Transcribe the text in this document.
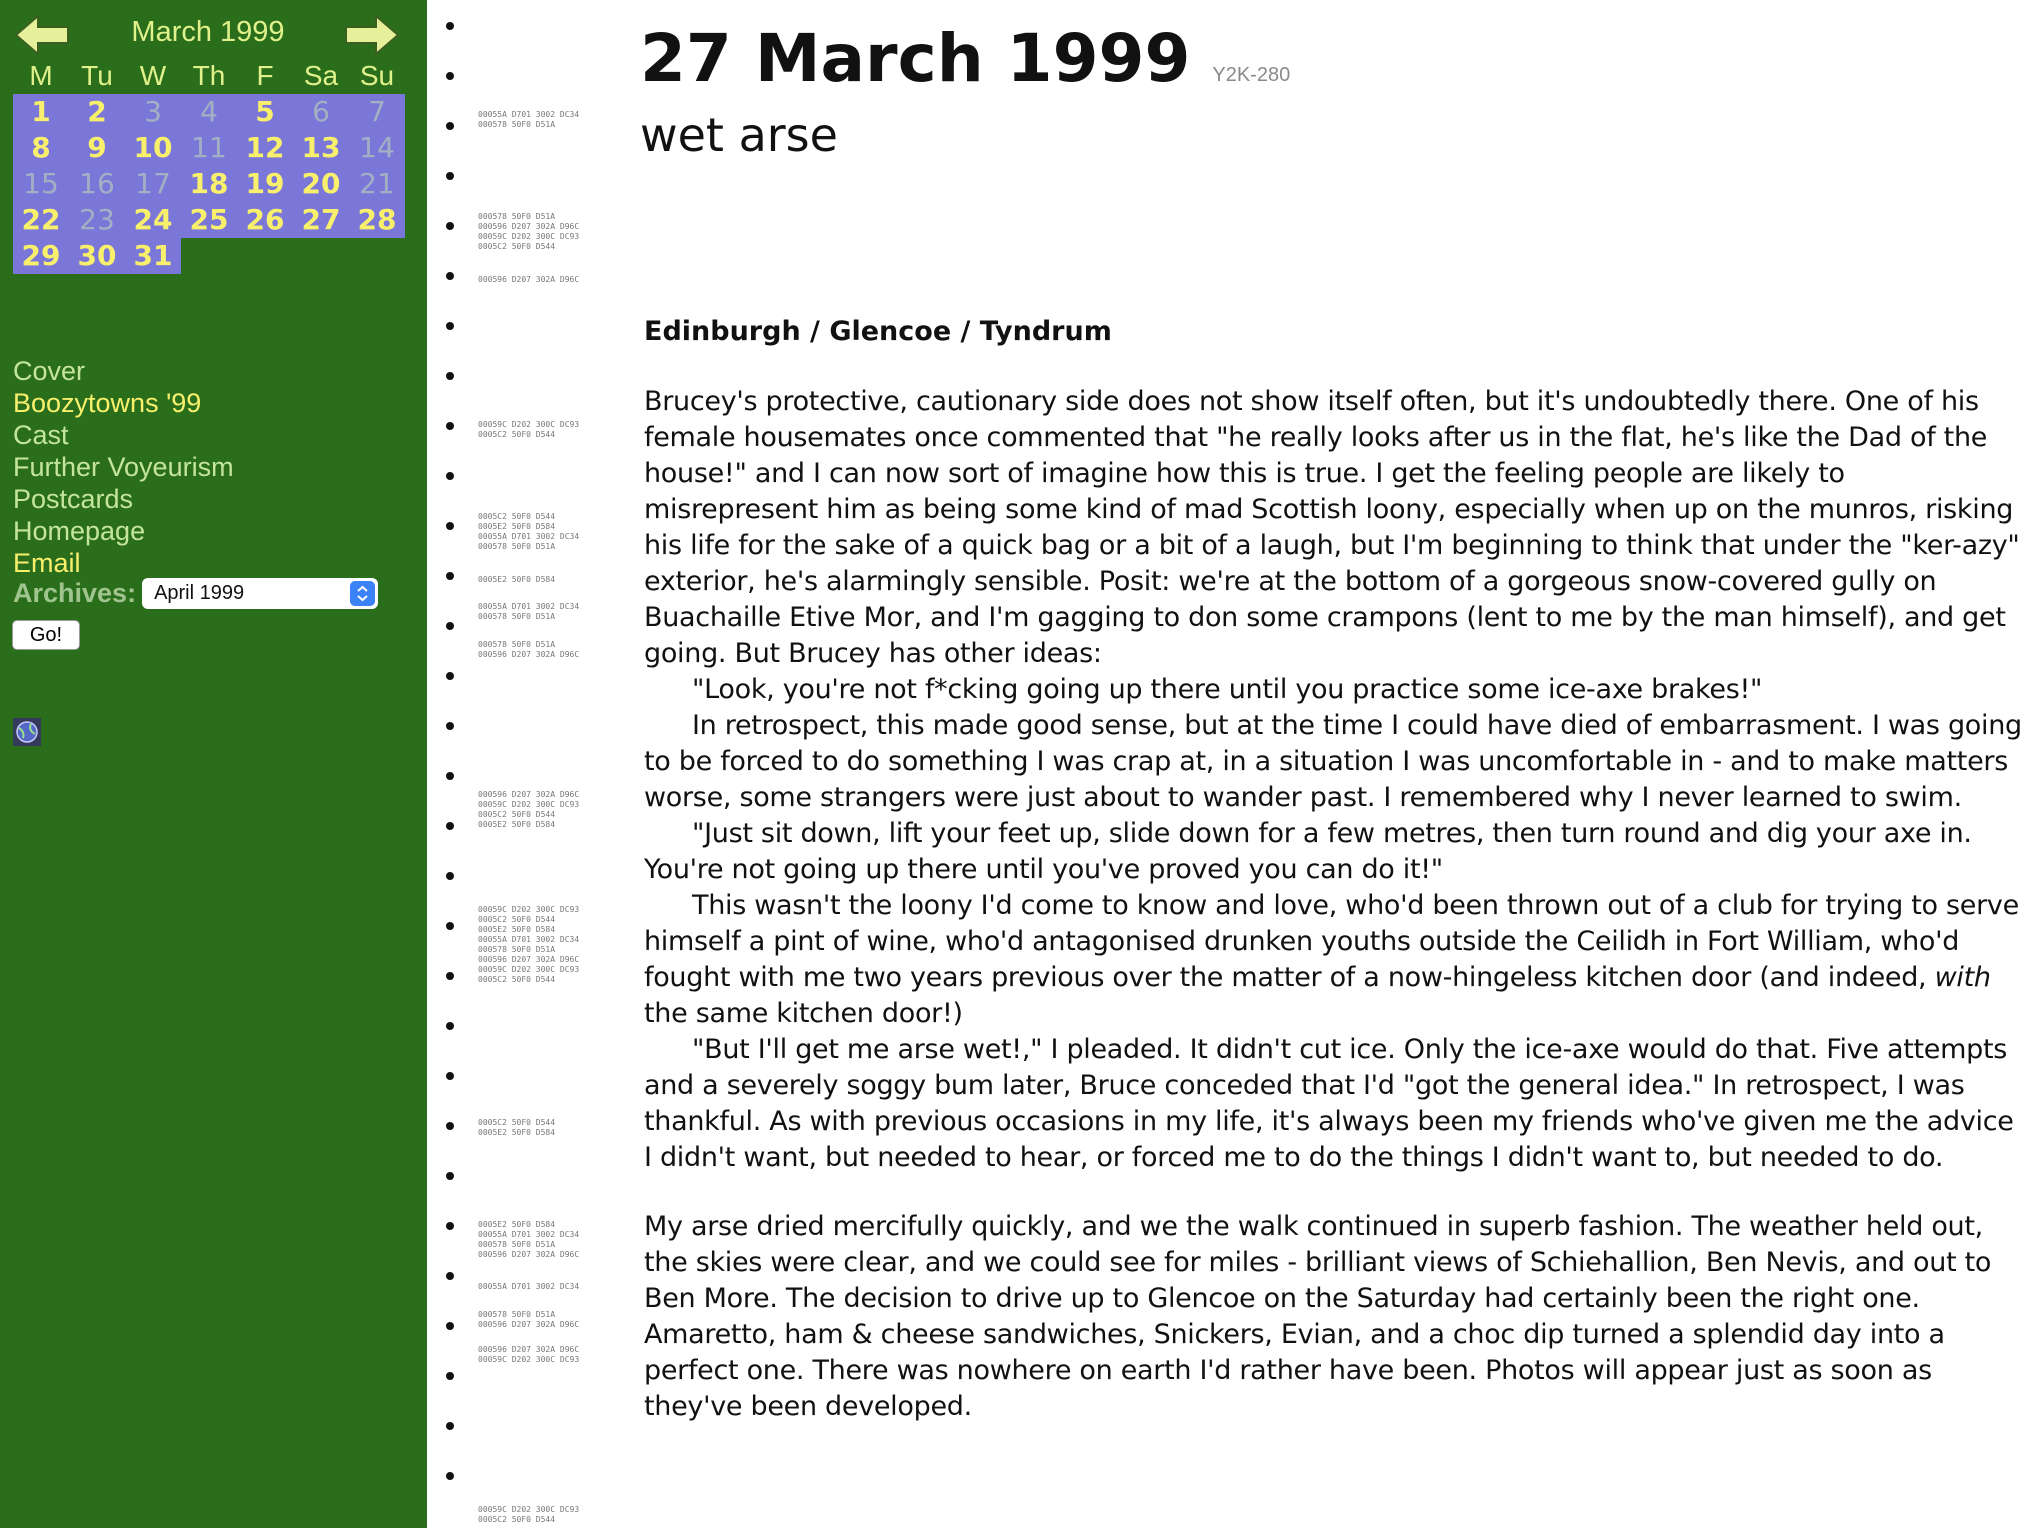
March 1999
M	Tu W Th	F	Sa Su
1	2	3	4	5	6	7
8	9 10 11 12 13 14
15 16 17 18 19 20 21
22 23 24 25 26 27 28
29 30 31
Cover
Boozytowns '99
Cast
Further Voyeurism
Postcards
Homepage
Email
Archives: April 1999
Go!
00055A D701 3002 DC34
000578 50F0 D51A
000578 50F0 D51A
000596 D207 302A D96C
00059C D202 300C DC93
0005C2 50F0 D544
000596 D207 302A D96C
00059C D202 300C DC93
0005C2 50F0 D544
0005C2 50F0 D544
0005E2 50F0 D584
00055A D701 3002 DC34
000578 50F0 D51A
0005E2 50F0 D584
00055A D701 3002 DC34
000578 50F0 D51A
000578 50F0 D51A
000596 D207 302A D96C
000596 D207 302A D96C
00059C D202 300C DC93
0005C2 50F0 D544
0005E2 50F0 D584
00059C D202 300C DC93
0005C2 50F0 D544
0005E2 50F0 D584
00055A D701 3002 DC34
000578 50F0 D51A
000596 D207 302A D96C
00059C D202 300C DC93
0005C2 50F0 D544
0005C2 50F0 D544
0005E2 50F0 D584
0005E2 50F0 D584
00055A D701 3002 DC34
000578 50F0 D51A
000596 D207 302A D96C
00055A D701 3002 DC34
000578 50F0 D51A
000596 D207 302A D96C
000596 D207 302A D96C
00059C D202 300C DC93
00059C D202 300C DC93
0005C2 50F0 D544
27 March 1999 Y2K-280
wet arse
Edinburgh / Glencoe / Tyndrum

Brucey's protective, cautionary side does not show itself often, but it's undoubtedly there. One of his female housemates once commented that "he really looks after us in the flat, he's like the Dad of the house!" and I can now sort of imagine how this is true. I get the feeling people are likely to misrepresent him as being some kind of mad Scottish loony, especially when up on the munros, risking his life for the sake of a quick bag or a bit of a laugh, but I'm beginning to think that under the "ker-azy" exterior, he's alarmingly sensible. Posit: we're at the bottom of a gorgeous snow-covered gully on Buachaille Etive Mor, and I'm gagging to don some crampons (lent to me by the man himself), and get going. But Brucey has other ideas:

"Look, you're not f*cking going up there until you practice some ice-axe brakes!"

In retrospect, this made good sense, but at the time I could have died of embarrasment. I was going to be forced to do something I was crap at, in a situation I was uncomfortable in - and to make matters worse, some strangers were just about to wander past. I remembered why I never learned to swim.

"Just sit down, lift your feet up, slide down for a few metres, then turn round and dig your axe in. You're not going up there until you've proved you can do it!"

This wasn't the loony I'd come to know and love, who'd been thrown out of a club for trying to serve himself a pint of wine, who'd antagonised drunken youths outside the Ceilidh in Fort William, who'd fought with me two years previous over the matter of a now-hingeless kitchen door (and indeed, with the same kitchen door!)

"But I'll get me arse wet!," I pleaded. It didn't cut ice. Only the ice-axe would do that. Five attempts and a severely soggy bum later, Bruce conceded that I'd "got the general idea." In retrospect, I was thankful. As with previous occasions in my life, it's always been my friends who've given me the advice I didn't want, but needed to hear, or forced me to do the things I didn't want to, but needed to do.

My arse dried mercifully quickly, and we the walk continued in superb fashion. The weather held out, the skies were clear, and we could see for miles - brilliant views of Schiehallion, Ben Nevis, and out to Ben More. The decision to drive up to Glencoe on the Saturday had certainly been the right one. Amaretto, ham & cheese sandwiches, Snickers, Evian, and a choc dip turned a splendid day into a perfect one. There was nowhere on earth I'd rather have been. Photos will appear just as soon as they've been developed.
